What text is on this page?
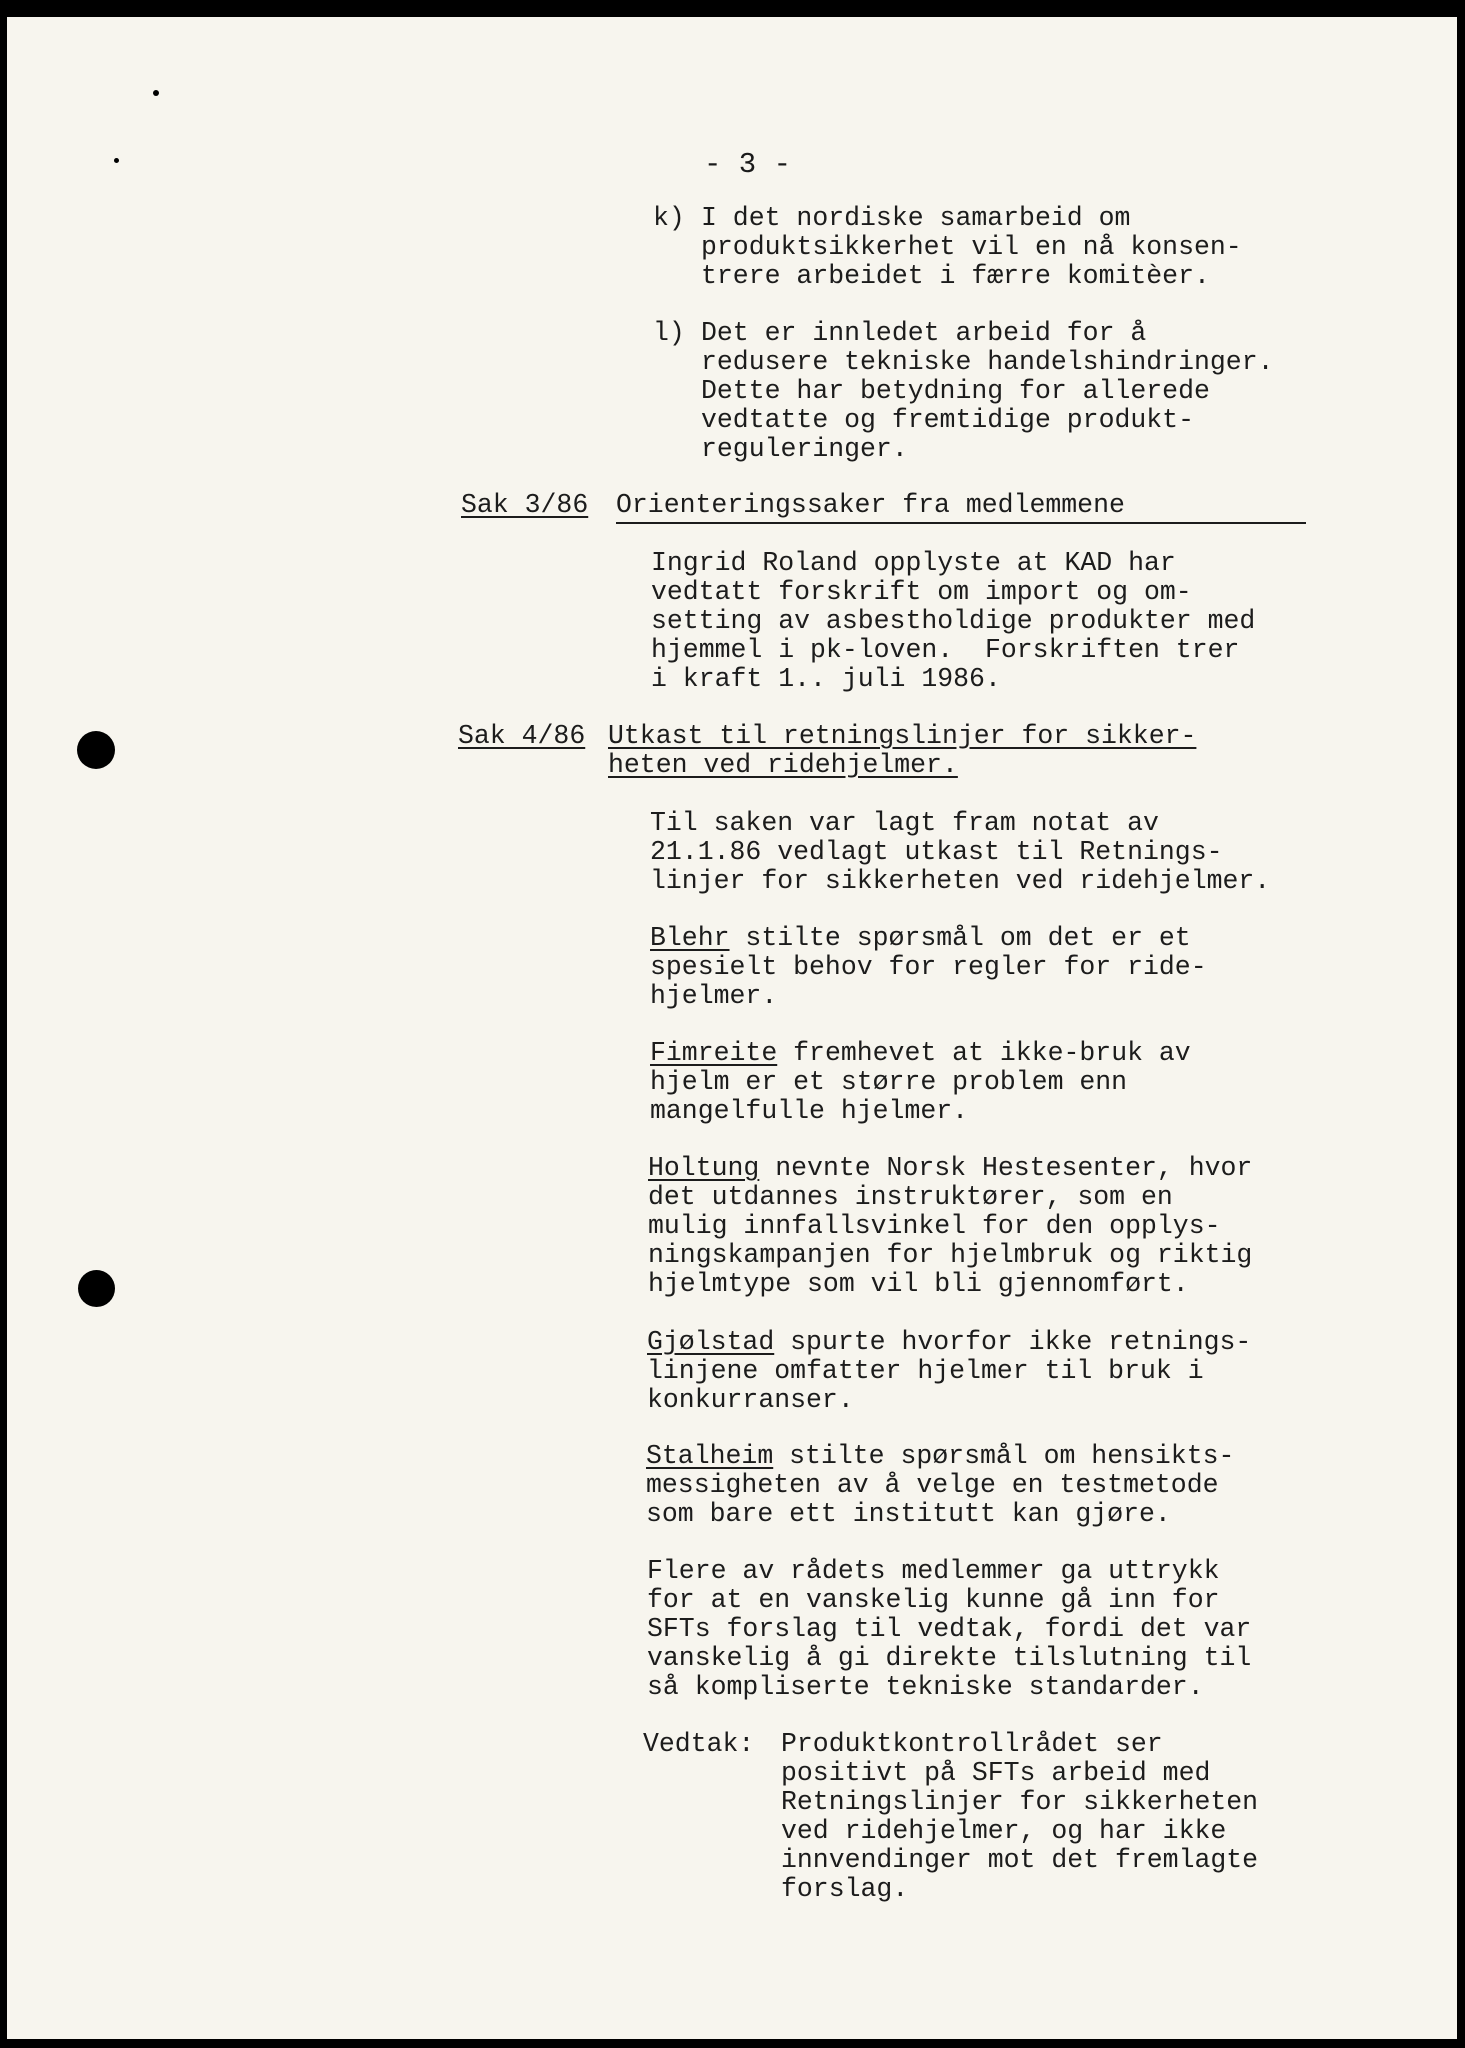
- 3 -
k) I det nordiske samarbeid om

produktsikkerhet vil en nå konsen-

trere arbeidet i færre komitèer.

l) Det er innledet arbeid for å

redusere tekniske handelshindringer.

Dette har betydning for allerede

vedtatte og fremtidige produkt-

reguleringer.

Sak 3/86 Orienteringssaker fra medlemmene

Ingrid Roland opplyste at KAD har

vedtatt forskrift om import og om-

setting av asbestholdige produkter med

hjemmel i pk-loven.  Forskriften trer

i kraft 1.. juli 1986.

Sak 4/86 Utkast til retningslinjer for sikker-

heten ved ridehjelmer.

Til saken var lagt fram notat av

21.1.86 vedlagt utkast til Retnings-

linjer for sikkerheten ved ridehjelmer.

Blehr stilte spørsmål om det er et

spesielt behov for regler for ride-

hjelmer.

Fimreite fremhevet at ikke-bruk av

hjelm er et større problem enn

mangelfulle hjelmer.

Holtung nevnte Norsk Hestesenter, hvor

det utdannes instruktører, som en

mulig innfallsvinkel for den opplys-

ningskampanjen for hjelmbruk og riktig

hjelmtype som vil bli gjennomført.

Gjølstad spurte hvorfor ikke retnings-

linjene omfatter hjelmer til bruk i

konkurranser.

Stalheim stilte spørsmål om hensikts-

messigheten av å velge en testmetode

som bare ett institutt kan gjøre.

Flere av rådets medlemmer ga uttrykk

for at en vanskelig kunne gå inn for

SFTs forslag til vedtak, fordi det var

vanskelig å gi direkte tilslutning til

så kompliserte tekniske standarder.

Vedtak: Produktkontrollrådet ser

positivt på SFTs arbeid med

Retningslinjer for sikkerheten

ved ridehjelmer, og har ikke

innvendinger mot det fremlagte

forslag.
